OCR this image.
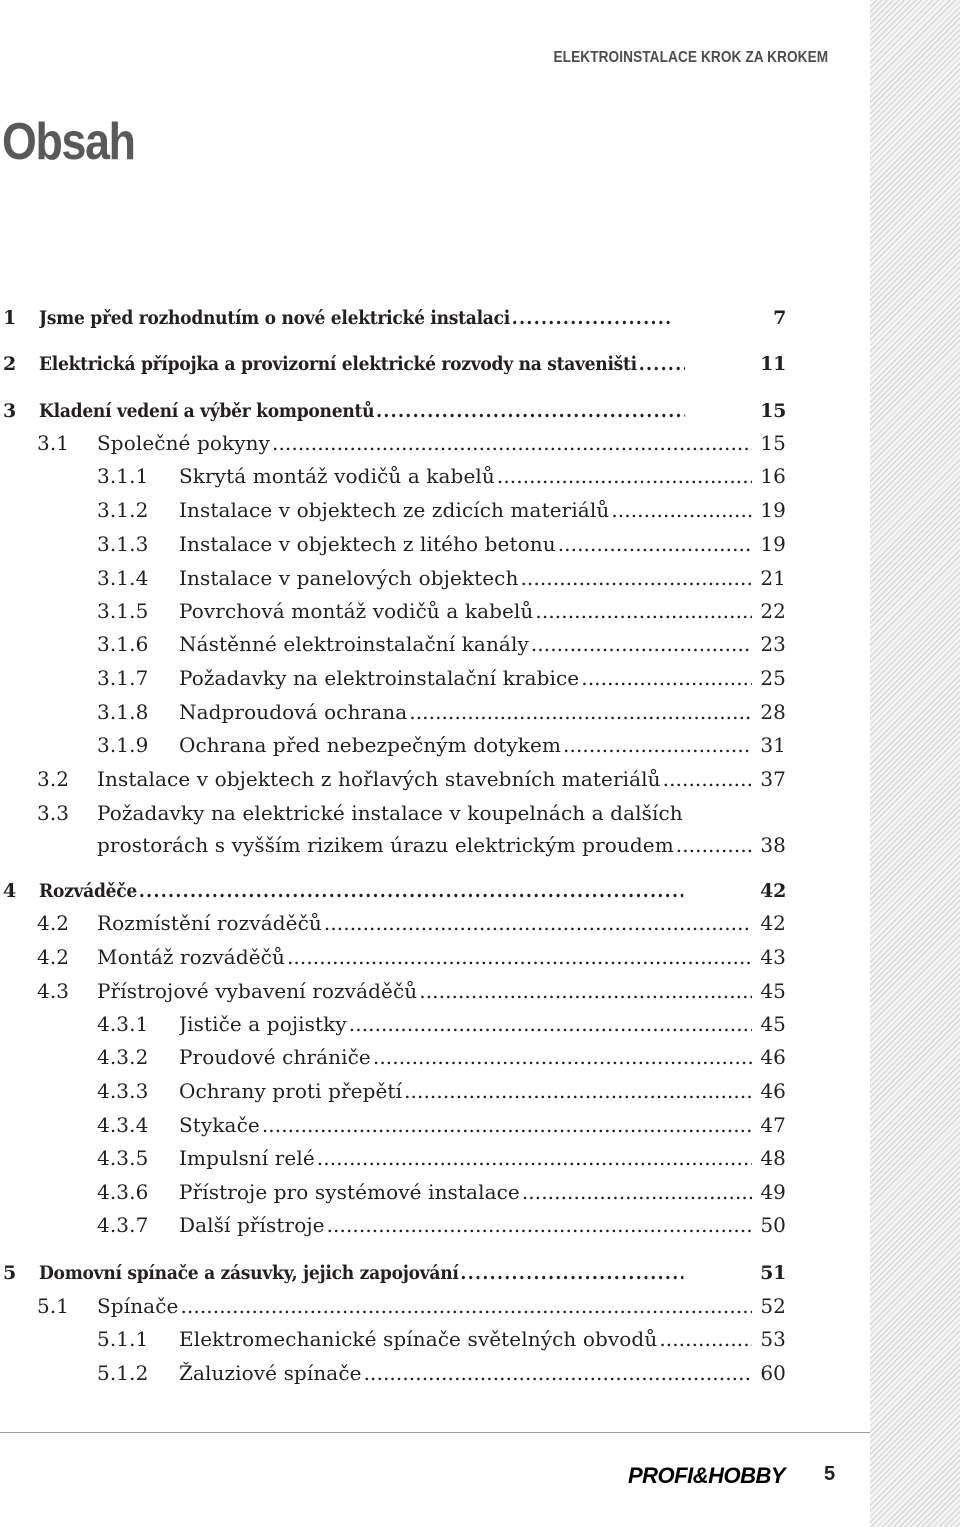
ELEKTROINSTALACE KROK ZA KROKEM
Obsah
1 Jsme před rozhodnutím o nové elektrické instalaci .....	7
2 Elektrická přípojka a provizorní elektrické rozvody na staveništi .....	11
3 Kladení vedení a výběr komponentů .....	15
3.1 Společné pokyny .....	15
3.1.1 Skrytá montáž vodičů a kabelů .....	16
3.1.2 Instalace v objektech ze zdicích materiálů .....	19
3.1.3 Instalace v objektech z litého betonu .....	19
3.1.4 Instalace v panelových objektech .....	21
3.1.5 Povrchová montáž vodičů a kabelů .....	22
3.1.6 Nástěnné elektroinstalační kanály .....	23
3.1.7 Požadavky na elektroinstalační krabice .....	25
3.1.8 Nadproudová ochrana .....	28
3.1.9 Ochrana před nebezpečným dotykem .....	31
3.2 Instalace v objektech z hořlavých stavebních materiálů .....	37
3.3 Požadavky na elektrické instalace v koupelnách a dalších
prostorách s vyšším rizikem úrazu elektrickým proudem .....	38
4 Rozváděče .....	42
4.2 Rozmístění rozváděčů .....	42
4.2 Montáž rozváděčů .....	43
4.3 Přístrojové vybavení rozváděčů .....	45
4.3.1 Jističe a pojistky .....	45
4.3.2 Proudové chrániče .....	46
4.3.3 Ochrany proti přepětí .....	46
4.3.4 Stykače .....	47
4.3.5 Impulsní relé .....	48
4.3.6 Přístroje pro systémové instalace .....	49
4.3.7 Další přístroje .....	50
5 Domovní spínače a zásuvky, jejich zapojování .....	51
5.1 Spínače .....	52
5.1.1 Elektromechanické spínače světelných obvodů .....	53
5.1.2 Žaluziové spínače .....	60
PROFI&HOBBY 5
